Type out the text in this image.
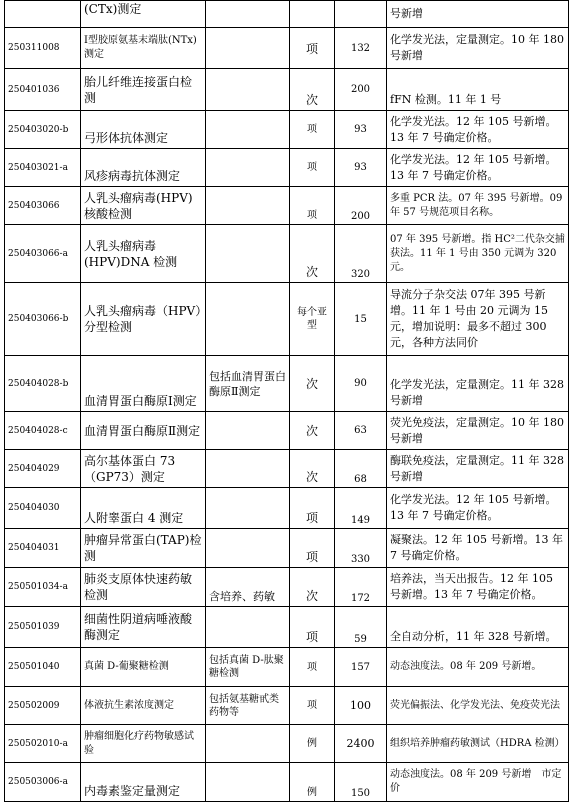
	(CTx)测定				号新增
250311008	Ⅰ型胶原氨基末端肽(NTx)测定		项	132	化学发光法，定量测定。10 年 180 号新增
250401036	胎儿纤维连接蛋白检测		次	200	fFN 检测。11 年 1 号
250403020-b	弓形体抗体测定		项	93	化学发光法。12 年 105 号新增。13 年 7 号确定价格。
250403021-a	风疹病毒抗体测定		项	93	化学发光法。12 年 105 号新增。13 年 7 号确定价格。
250403066	人乳头瘤病毒(HPV)核酸检测		项	200	多重 PCR 法。07 年 395 号新增。09 年 57 号规范项目名称。
250403066-a	人乳头瘤病毒(HPV)DNA 检测		次	320	07 年 395 号新增。指 HC²二代杂交捕获法。11 年 1 号由 350 元调为 320 元。
250403066-b	人乳头瘤病毒（HPV）分型检测		每个亚型	15	导流分子杂交法 07年 395 号新增。11 年 1 号由 20 元调为 15 元，增加说明：最多不超过 300 元，各种方法同价
250404028-b	血清胃蛋白酶原Ⅰ测定	包括血清胃蛋白酶原Ⅱ测定	次	90	化学发光法，定量测定。11 年 328 号新增
250404028-c	血清胃蛋白酶原Ⅱ测定		次	63	荧光免疫法，定量测定。10 年 180 号新增
250404029	高尔基体蛋白 73（GP73）测定		次	68	酶联免疫法，定量测定。11 年 328 号新增
250404030	人附睾蛋白 4 测定		项	149	化学发光法。12 年 105 号新增。13 年 7 号确定价格。
250404031	肿瘤异常蛋白(TAP)检测		项	330	凝聚法。12 年 105 号新增。13 年 7 号确定价格。
250501034-a	肺炎支原体快速药敏检测	含培养、药敏	次	172	培养法，当天出报告。12 年 105 号新增。13 年 7 号确定价格。
250501039	细菌性阴道病唾液酸酶测定		项	59	全自动分析，11 年 328 号新增。
250501040	真菌 D-葡聚糖检测	包括真菌 D-肽聚糖检测	项	157	动态浊度法。08 年 209 号新增。
250502009	体液抗生素浓度测定	包括氨基糖甙类药物等	项	100	荧光偏振法、化学发光法、免疫荧光法
250502010-a	肿瘤细胞化疗药物敏感试验		例	2400	组织培养肿瘤药敏测试（HDRA 检测）
250503006-a	内毒素鉴定量测定		例	150	动态浊度法。08 年 209 号新增　市定价
